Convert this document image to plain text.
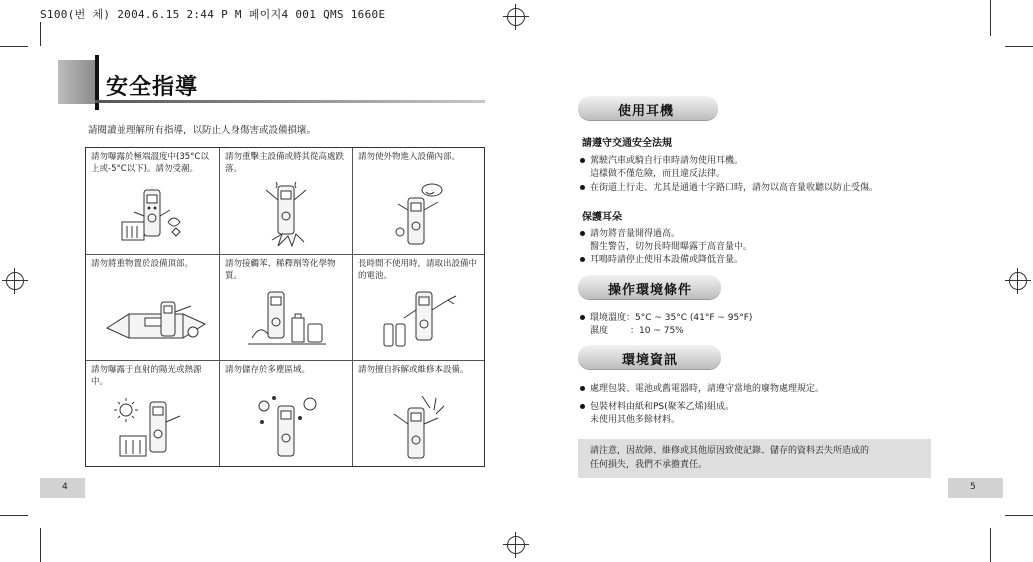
S100(번 체) 2004.6.15 2:44 P M 페이지4 001 QMS 1660E
安全指導
請閱讀並理解所有指導，以防止人身傷害或設備損壞。
請勿曝露於極端溫度中(35°C以上或-5°C以下)。請勿受潮。
請勿重擊主設備或將其從高處跌落。
請勿使外物進入設備內部。
請勿將重物置於設備頂部。	請勿接觸苯、稀釋劑等化學物質。
長時間不使用時，請取出設備中的電池。
請勿曝露于直射的陽光或熱源中。
請勿儲存於多塵區域。	請勿擅自拆解或維修本設備。
4
使用耳機
請遵守交通安全法規
駕駛汽車或騎自行車時請勿使用耳機。
這樣做不僅危險，而且違反法律。
在街道上行走、尤其是通過十字路口時，請勿以高音量收聽以防止受傷。
保護耳朵
請勿將音量開得過高。
醫生警告，切勿長時間曝露于高音量中。
耳鳴時請停止使用本設備或降低音量。
操作環境條件
環境溫度：5°C ~ 35°C (41°F ~ 95°F)
濕度 ：10 ~ 75%
環境資訊
處理包裝、電池或舊電器時，請遵守當地的廢物處理規定。
包裝材料由紙和PS(聚苯乙烯)組成。
未使用其他多餘材料。
請注意，因故障、維修或其他原因致使記錄、儲存的資料丟失所造成的
任何損失，我們不承擔責任。
5
